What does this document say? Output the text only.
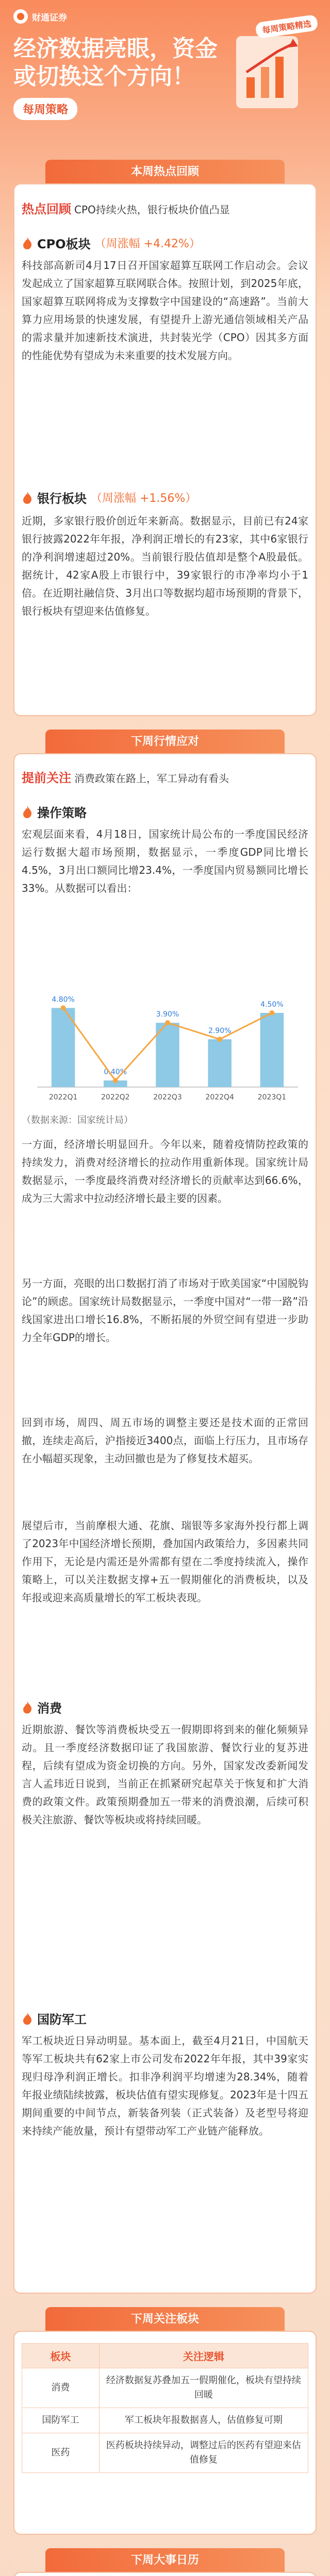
财通证券
经济数据亮眼，资金或切换这个方向！
每周策略
每周策略精选
本周热点回顾
热点回顾 CPO持续火热，银行板块价值凸显
CPO板块 （周涨幅 +4.42%）
科技部高新司4月17日召开国家超算互联网工作启动会。会议发起成立了国家超算互联网联合体。按照计划，到2025年底，国家超算互联网将成为支撑数字中国建设的“高速路”。当前大算力应用场景的快速发展，有望提升上游光通信领域相关产品的需求量并加速新技术演进，共封装光学（CPO）因其多方面的性能优势有望成为未来重要的技术发展方向。
银行板块 （周涨幅 +1.56%）
近期，多家银行股价创近年来新高。数据显示，目前已有24家银行披露2022年年报，净利润正增长的有23家，其中6家银行的净利润增速超过20%。当前银行股估值却是整个A股最低。据统计，42家A股上市银行中，39家银行的市净率均小于1倍。在近期社融信贷、3月出口等数据均超市场预期的背景下，银行板块有望迎来估值修复。
下周行情应对
提前关注 消费政策在路上，军工异动有看头
操作策略
宏观层面来看，4月18日，国家统计局公布的一季度国民经济运行数据大超市场预期，数据显示，一季度GDP同比增长4.5%，3月出口额同比增23.4%，一季度国内贸易额同比增长33%。从数据可以看出：
2022Q1
4.80%
2022Q2
0.40%
2022Q3
3.90%
2022Q4
2.90%
2023Q1
4.50%
（数据来源：国家统计局）
一方面，经济增长明显回升。今年以来，随着疫情防控政策的持续发力，消费对经济增长的拉动作用重新体现。国家统计局数据显示，一季度最终消费对经济增长的贡献率达到66.6%，成为三大需求中拉动经济增长最主要的因素。
另一方面，亮眼的出口数据打消了市场对于欧美国家“中国脱钩论”的顾虑。国家统计局数据显示，一季度中国对“一带一路”沿线国家进出口增长16.8%，不断拓展的外贸空间有望进一步助力全年GDP的增长。
回到市场，周四、周五市场的调整主要还是技术面的正常回撤，连续走高后，沪指接近3400点，面临上行压力，且市场存在小幅超买现象，主动回撤也是为了修复技术超买。
展望后市，当前摩根大通、花旗、瑞银等多家海外投行都上调了2023年中国经济增长预期，叠加国内政策给力，多因素共同作用下，无论是内需还是外需都有望在二季度持续流入，操作策略上，可以关注数据支撑+五一假期催化的消费板块，以及年报或迎来高质量增长的军工板块表现。
消费
近期旅游、餐饮等消费板块受五一假期即将到来的催化频频异动。且一季度经济数据印证了我国旅游、餐饮行业的复苏进程，后续有望成为资金切换的方向。另外，国家发改委新闻发言人孟玮近日说到，当前正在抓紧研究起草关于恢复和扩大消费的政策文件。政策预期叠加五一带来的消费浪潮，后续可积极关注旅游、餐饮等板块或将持续回暖。
国防军工
军工板块近日异动明显。基本面上，截至4月21日，中国航天等军工板块共有62家上市公司发布2022年年报，其中39家实现归母净利润正增长。扣非净利润平均增速为28.34%，随着年报业绩陆续披露，板块估值有望实现修复。2023年是十四五期间重要的中间节点，新装备列装（正式装备）及老型号将迎来持续产能放量，预计有望带动军工产业链产能释放。
下周关注板块
板块	关注逻辑
消费	经济数据复苏叠加五一假期催化，板块有望持续回暖
国防军工	军工板块年报数据喜人，估值修复可期
医药	医药板块持续异动，调整过后的医药有望迎来估值修复
下周大事日历
